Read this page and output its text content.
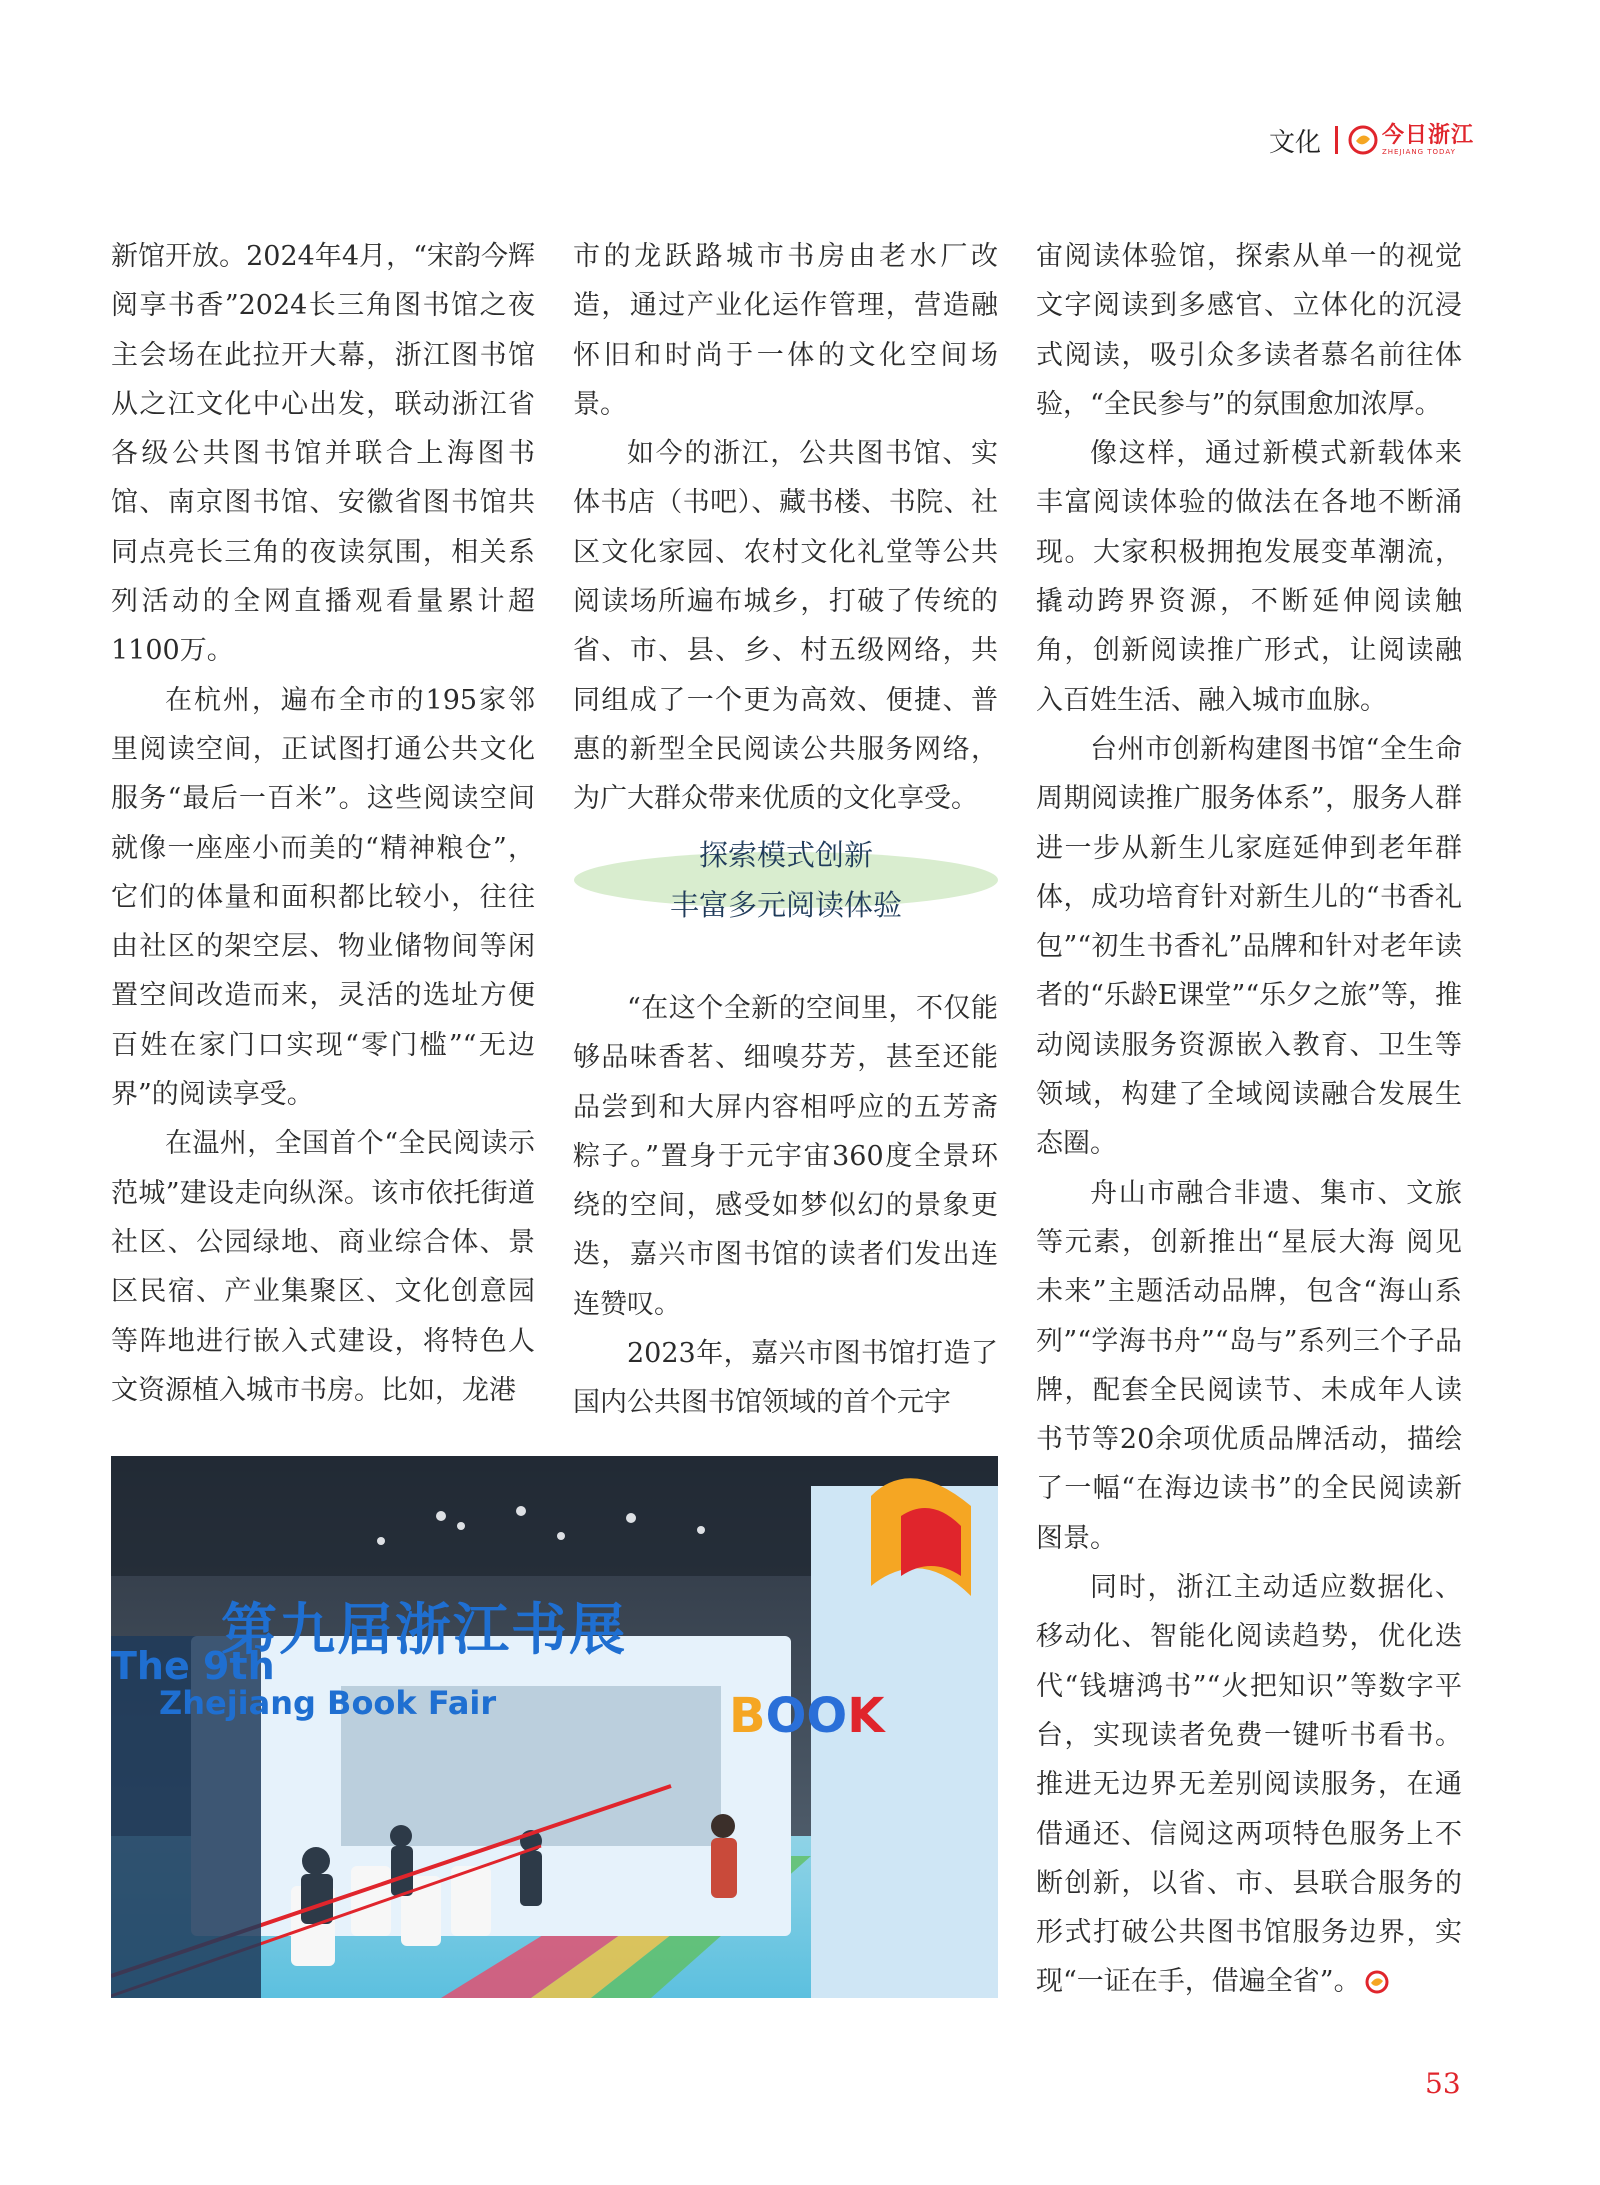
文化	今日浙江
ZHEJIANG TODAY

新馆开放。2024年4月，“宋韵今辉 阅享书香”2024长三角图书馆之夜主会场在此拉开大幕，浙江图书馆从之江文化中心出发，联动浙江省各级公共图书馆并联合上海图书馆、南京图书馆、安徽省图书馆共同点亮长三角的夜读氛围，相关系列活动的全网直播观看量累计超1100万。

在杭州，遍布全市的195家邻里阅读空间，正试图打通公共文化服务“最后一百米”。这些阅读空间就像一座座小而美的“精神粮仓”，它们的体量和面积都比较小，往往由社区的架空层、物业储物间等闲置空间改造而来，灵活的选址方便百姓在家门口实现“零门槛”“无边界”的阅读享受。

在温州，全国首个“全民阅读示范城”建设走向纵深。该市依托街道社区、公园绿地、商业综合体、景区民宿、产业集聚区、文化创意园等阵地进行嵌入式建设，将特色人文资源植入城市书房。比如，龙港

市的龙跃路城市书房由老水厂改造，通过产业化运作管理，营造融怀旧和时尚于一体的文化空间场景。

如今的浙江，公共图书馆、实体书店（书吧）、藏书楼、书院、社区文化家园、农村文化礼堂等公共阅读场所遍布城乡，打破了传统的省、市、县、乡、村五级网络，共同组成了一个更为高效、便捷、普惠的新型全民阅读公共服务网络，为广大群众带来优质的文化享受。

探索模式创新
丰富多元阅读体验

“在这个全新的空间里，不仅能够品味香茗、细嗅芬芳，甚至还能品尝到和大屏内容相呼应的五芳斋粽子。”置身于元宇宙360度全景环绕的空间，感受如梦似幻的景象更迭，嘉兴市图书馆的读者们发出连连赞叹。

2023年，嘉兴市图书馆打造了国内公共图书馆领域的首个元宇

宙阅读体验馆，探索从单一的视觉文字阅读到多感官、立体化的沉浸式阅读，吸引众多读者慕名前往体验，“全民参与”的氛围愈加浓厚。

像这样，通过新模式新载体来丰富阅读体验的做法在各地不断涌现。大家积极拥抱发展变革潮流，撬动跨界资源，不断延伸阅读触角，创新阅读推广形式，让阅读融入百姓生活、融入城市血脉。

台州市创新构建图书馆“全生命周期阅读推广服务体系”，服务人群进一步从新生儿家庭延伸到老年群体，成功培育针对新生儿的“书香礼包”“初生书香礼”品牌和针对老年读者的“乐龄E课堂”“乐夕之旅”等，推动阅读服务资源嵌入教育、卫生等领域，构建了全域阅读融合发展生态圈。

舟山市融合非遗、集市、文旅等元素，创新推出“星辰大海 阅见未来”主题活动品牌，包含“海山系列”“学海书舟”“岛与”系列三个子品牌，配套全民阅读节、未成年人读书节等20余项优质品牌活动，描绘了一幅“在海边读书”的全民阅读新图景。

同时，浙江主动适应数据化、移动化、智能化阅读趋势，优化迭代“钱塘鸿书”“火把知识”等数字平台，实现读者免费一键听书看书。推进无边界无差别阅读服务，在通借通还、信阅这两项特色服务上不断创新，以省、市、县联合服务的形式打破公共图书馆服务边界，实现“一证在手，借遍全省”。

第九届浙江书展
The 9th
Zhejiang Book Fair	BOOK
53
